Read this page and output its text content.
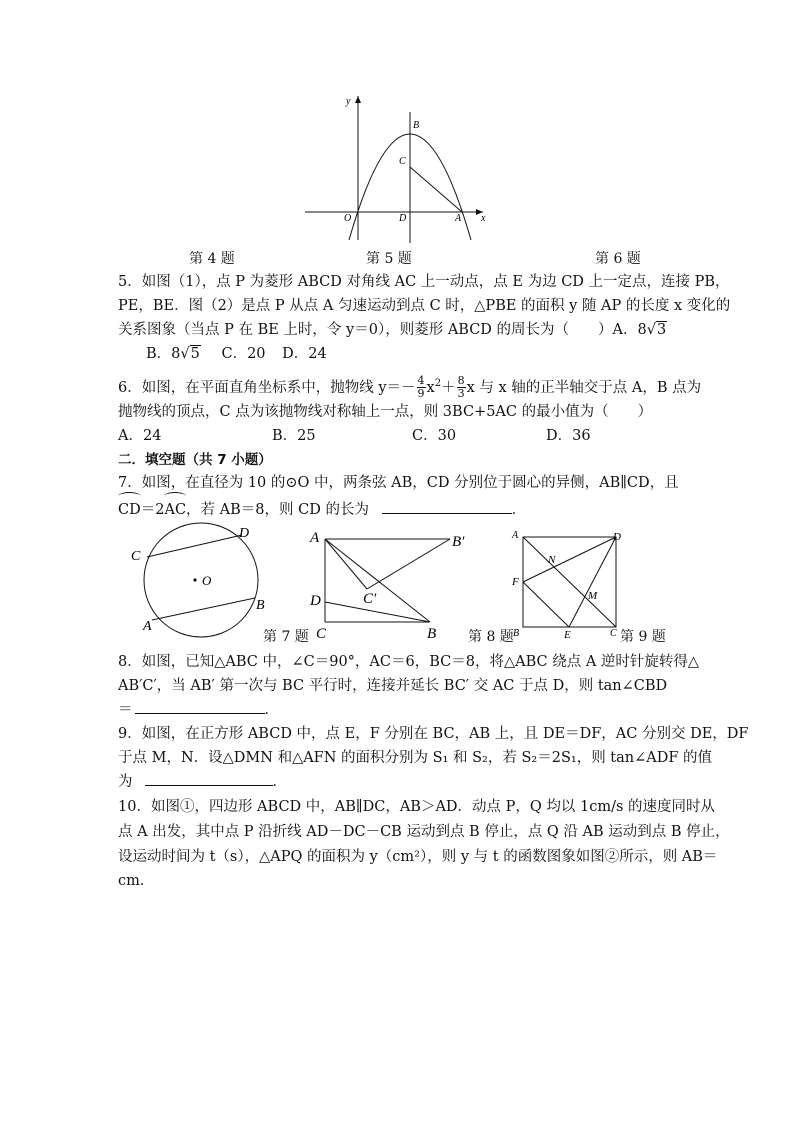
y
x
B
C
O	D	A
第 4 题	第 5 题	第 6 题
5．如图（1），点 P 为菱形 ABCD 对角线 AC 上一动点，点 E 为边 CD 上一定点，连接 PB，
PE，BE．图（2）是点 P 从点 A 匀速运动到点 C 时，△PBE 的面积 y 随 AP 的长度 x 变化的
关系图象（当点 P 在 BE 上时，令 y＝0），则菱形 ABCD 的周长为（　　）A．8√3
B．8√5 C．20 D．24
6．如图，在平面直角坐标系中，抛物线 $y=- \frac{4}{9} x^2+ \frac{8}{3}$ x 与 x 轴的正半轴交于点 A，B 点为
抛物线的顶点，C 点为该抛物线对称轴上一点，则 3BC+5AC 的最小值为（　　）
A．24	B．25	C．30	D．36
二．填空题（共 7 小题）
7．如图，在直径为 10 的⊙O 中，两条弦 AB，CD 分别位于圆心的异侧，AB∥CD，且
CD＝2AC，若 AB＝8，则 CD 的长为	．
C
D
O
A
B
第 7 题
A	B′
C′
D
C	B 第 8 题
A	D
N
F
M
B	E	C 第 9 题
8．如图，已知△ABC 中，∠C＝90°，AC＝6，BC＝8，将△ABC 绕点 A 逆时针旋转得△
AB′C′，当 AB′ 第一次与 BC 平行时，连接并延长 BC′ 交 AC 于点 D，则 tan∠CBD
＝	．
9．如图，在正方形 ABCD 中，点 E，F 分别在 BC，AB 上，且 DE＝DF，AC 分别交 DE，DF
于点 M，N．设△DMN 和△AFN 的面积分别为 S₁ 和 S₂，若 S₂＝2S₁，则 tan∠ADF 的值
为	．
10．如图①，四边形 ABCD 中，AB∥DC，AB＞AD．动点 P，Q 均以 1cm/s 的速度同时从
点 A 出发，其中点 P 沿折线 AD－DC－CB 运动到点 B 停止，点 Q 沿 AB 运动到点 B 停止，
设运动时间为 t（s），△APQ 的面积为 y（cm²），则 y 与 t 的函数图象如图②所示，则 AB＝
cm．
